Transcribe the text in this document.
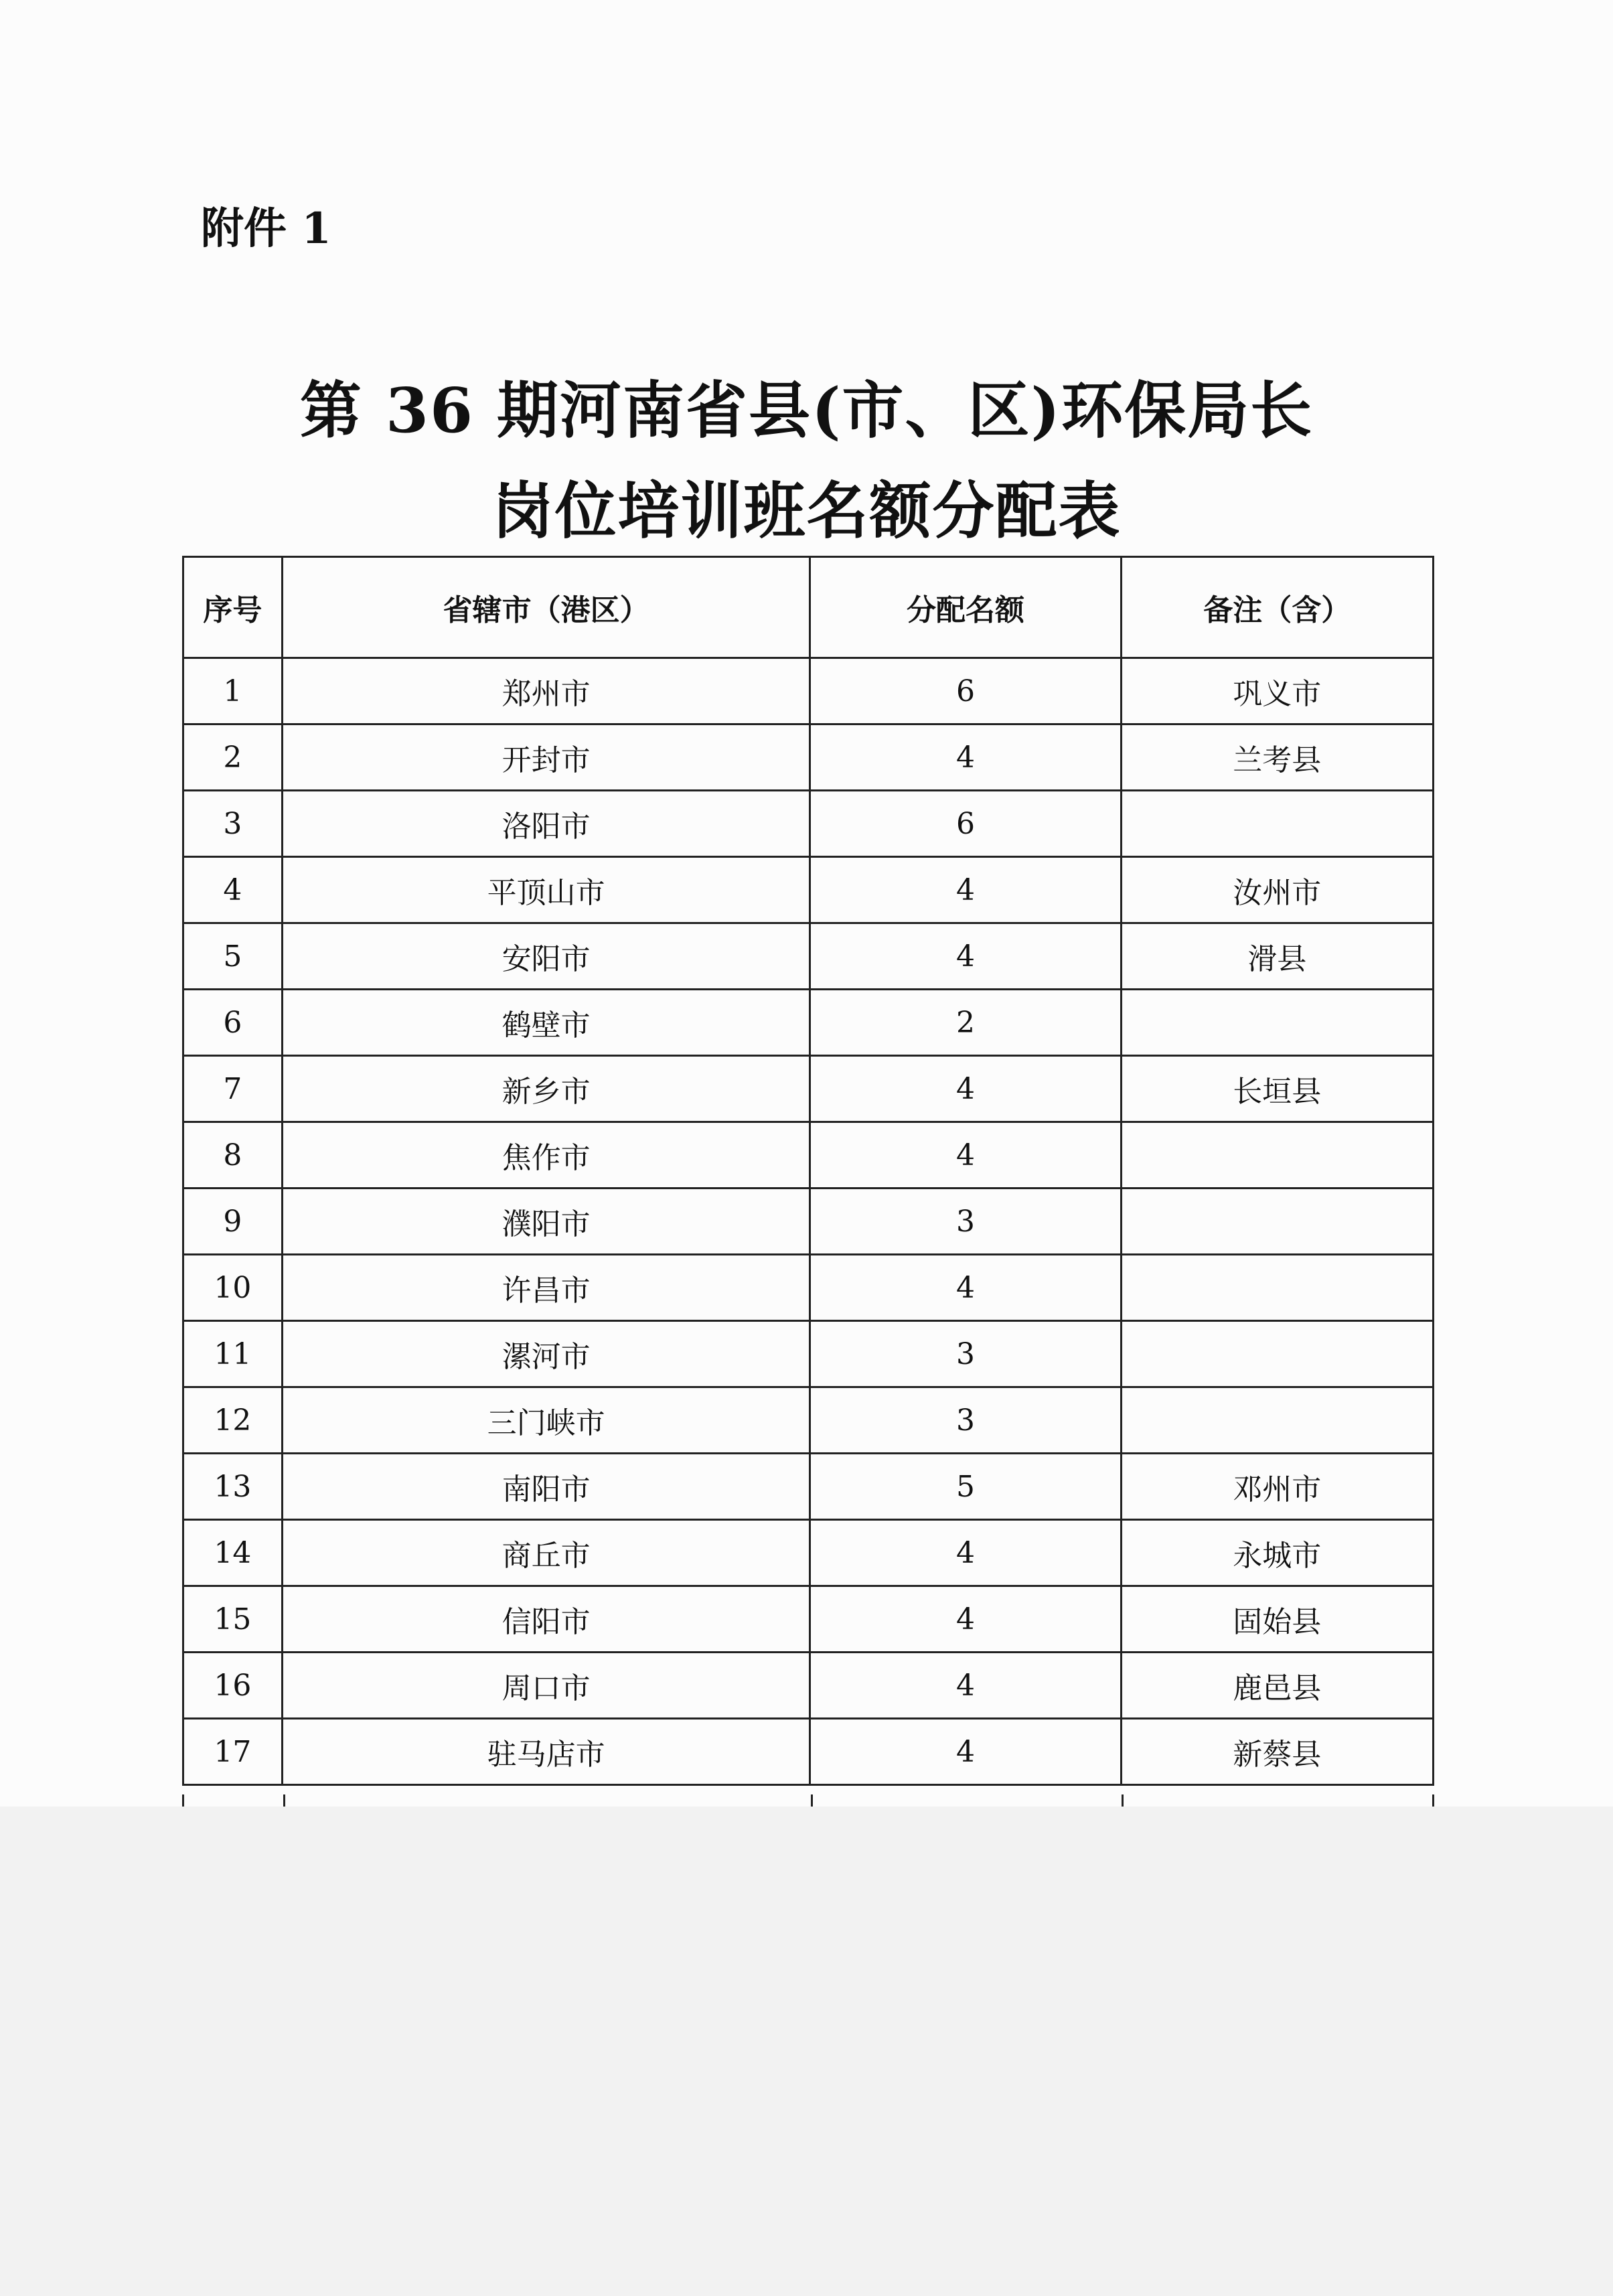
附件 1
第 36 期河南省县(市、区)环保局长
岗位培训班名额分配表
序号	省辖市（港区）	分配名额	备注（含）
1	郑州市	6	巩义市
2	开封市	4	兰考县
3	洛阳市	6	
4	平顶山市	4	汝州市
5	安阳市	4	滑县
6	鹤壁市	2	
7	新乡市	4	长垣县
8	焦作市	4	
9	濮阳市	3	
10	许昌市	4	
11	漯河市	3	
12	三门峡市	3	
13	南阳市	5	邓州市
14	商丘市	4	永城市
15	信阳市	4	固始县
16	周口市	4	鹿邑县
17	驻马店市	4	新蔡县
